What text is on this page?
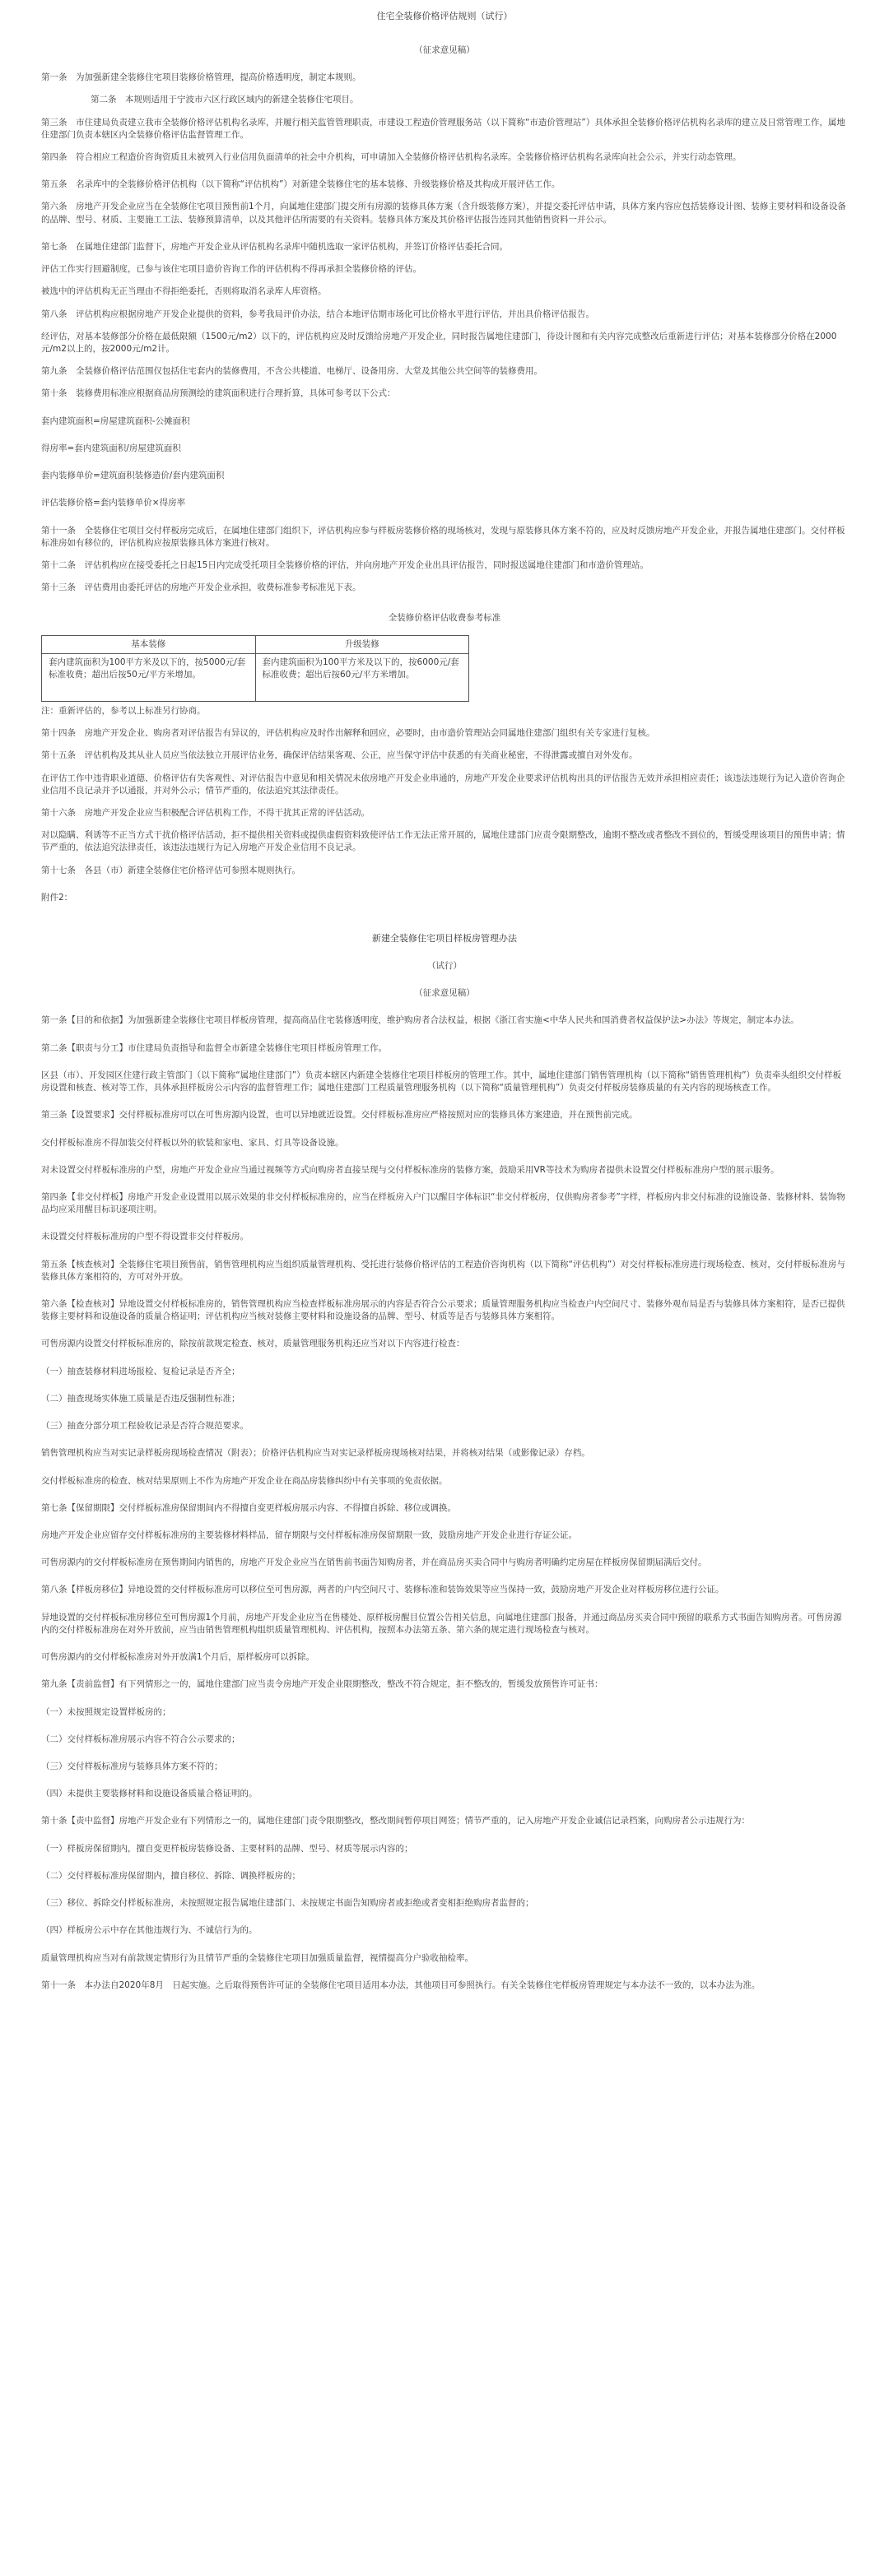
住宅全装修价格评估规则（试行）
（征求意见稿）

第一条　为加强新建全装修住宅项目装修价格管理，提高价格透明度，制定本规则。

第二条　本规则适用于宁波市六区行政区域内的新建全装修住宅项目。

第三条　市住建局负责建立我市全装修价格评估机构名录库，并履行相关监管管理职责，市建设工程造价管理服务站（以下简称“市造价管理站”）具体承担全装修价格评估机构名录库的建立及日常管理工作，属地住建部门负责本辖区内全装修价格评估监督管理工作。

第四条　符合相应工程造价咨询资质且未被列入行业信用负面清单的社会中介机构，可申请加入全装修价格评估机构名录库。全装修价格评估机构名录库向社会公示，并实行动态管理。

第五条　名录库中的全装修价格评估机构（以下简称“评估机构”）对新建全装修住宅的基本装修、升级装修价格及其构成开展评估工作。

第六条　房地产开发企业应当在全装修住宅项目预售前1个月，向属地住建部门提交所有房源的装修具体方案（含升级装修方案），并提交委托评估申请，具体方案内容应包括装修设计图、装修主要材料和设备设备的品牌、型号、材质、主要施工工法、装修预算清单，以及其他评估所需要的有关资料。装修具体方案及其价格评估报告连同其他销售资料一并公示。

第七条　在属地住建部门监督下，房地产开发企业从评估机构名录库中随机选取一家评估机构，并签订价格评估委托合同。

评估工作实行回避制度，已参与该住宅项目造价咨询工作的评估机构不得再承担全装修价格的评估。

被选中的评估机构无正当理由不得拒绝委托，否则将取消名录库人库资格。

第八条　评估机构应根据房地产开发企业提供的资料，参考我局评价办法，结合本地评估期市场化可比价格水平进行评估，并出具价格评估报告。

经评估，对基本装修部分价格在最低限额（1500元/m2）以下的，评估机构应及时反馈给房地产开发企业，同时报告属地住建部门，待设计图和有关内容完成整改后重新进行评估；对基本装修部分价格在2000元/m2以上的，按2000元/m2计。

第九条　全装修价格评估范围仅包括住宅套内的装修费用，不含公共楼道、电梯厅、设备用房、大堂及其他公共空间等的装修费用。

第十条　装修费用标准应根据商品房预测绘的建筑面积进行合理折算，具体可参考以下公式：

套内建筑面积=房屋建筑面积-公摊面积

得房率=套内建筑面积/房屋建筑面积

套内装修单价=建筑面积装修造价/套内建筑面积

评估装修价格=套内装修单价×得房率

第十一条　全装修住宅项目交付样板房完成后，在属地住建部门组织下，评估机构应参与样板房装修价格的现场核对，发现与原装修具体方案不符的，应及时反馈房地产开发企业，并报告属地住建部门。交付样板标准房如有移位的，评估机构应按原装修具体方案进行核对。

第十二条　评估机构应在接受委托之日起15日内完成受托项目全装修价格的评估，并向房地产开发企业出具评估报告，同时报送属地住建部门和市造价管理站。

第十三条　评估费用由委托评估的房地产开发企业承担，收费标准参考标准见下表。

全装修价格评估收费参考标准
基本装修	升级装修
套内建筑面积为100平方米及以下的，按5000元/套标准收费；超出后按50元/平方米增加。	套内建筑面积为100平方米及以下的，按6000元/套标准收费；超出后按60元/平方米增加。

注：重新评估的，参考以上标准另行协商。

第十四条　房地产开发企业、购房者对评估报告有异议的，评估机构应及时作出解释和回应，必要时，由市造价管理站会同属地住建部门组织有关专家进行复核。

第十五条　评估机构及其从业人员应当依法独立开展评估业务，确保评估结果客观、公正，应当保守评估中获悉的有关商业秘密，不得泄露或擅自对外发布。

在评估工作中违背职业道德、价格评估有失客观性、对评估报告中意见和相关情况未依房地产开发企业串通的，房地产开发企业要求评估机构出具的评估报告无效并承担相应责任；该违法违规行为记入造价咨询企业信用不良记录并予以通报，并对外公示；情节严重的，依法追究其法律责任。

第十六条　房地产开发企业应当积极配合评估机构工作，不得干扰其正常的评估活动。

对以隐瞒、利诱等不正当方式干扰价格评估活动，拒不提供相关资料或提供虚假资料致使评估工作无法正常开展的，属地住建部门应责令限期整改，逾期不整改或者整改不到位的，暂缓受理该项目的预售申请；情节严重的，依法追究法律责任，该违法违规行为记入房地产开发企业信用不良记录。

第十七条　各县（市）新建全装修住宅价格评估可参照本规则执行。

附件2：

新建全装修住宅项目样板房管理办法
（试行）
（征求意见稿）

第一条【目的和依据】为加强新建全装修住宅项目样板房管理，提高商品住宅装修透明度，维护购房者合法权益，根据《浙江省实施<中华人民共和国消费者权益保护法>办法》等规定，制定本办法。

第二条【职责与分工】市住建局负责指导和监督全市新建全装修住宅项目样板房管理工作。

区县（市）、开发园区住建行政主管部门（以下简称“属地住建部门”）负责本辖区内新建全装修住宅项目样板房的管理工作。其中，属地住建部门销售管理机构（以下简称“销售管理机构”）负责牵头组织交付样板房设置和核查、核对等工作，具体承担样板房公示内容的监督管理工作；属地住建部门工程质量管理服务机构（以下简称“质量管理机构”）负责交付样板房装修质量的有关内容的现场核查工作。

第三条【设置要求】交付样板标准房可以在可售房源内设置，也可以异地就近设置。交付样板标准房应严格按照对应的装修具体方案建造，并在预售前完成。

交付样板标准房不得加装交付样板以外的软装和家电、家具、灯具等设备设施。

对未设置交付样板标准房的户型，房地产开发企业应当通过视频等方式向购房者直接呈现与交付样板标准房的装修方案，鼓励采用VR等技术为购房者提供未设置交付样板标准房户型的展示服务。

第四条【非交付样板】房地产开发企业设置用以展示效果的非交付样板标准房的，应当在样板房入户门以醒目字体标识“非交付样板房，仅供购房者参考”字样，样板房内非交付标准的设施设备、装修材料、装饰物品均应采用醒目标识逐项注明。

未设置交付样板标准房的户型不得设置非交付样板房。

第五条【核查核对】全装修住宅项目预售前，销售管理机构应当组织质量管理机构、受托进行装修价格评估的工程造价咨询机构（以下简称“评估机构”）对交付样板标准房进行现场检查、核对，交付样板标准房与装修具体方案相符的，方可对外开放。

第六条【检查核对】异地设置交付样板标准房的，销售管理机构应当检查样板标准房展示的内容是否符合公示要求；质量管理服务机构应当检查户内空间尺寸、装修外观布局是否与装修具体方案相符，是否已提供装修主要材料和设施设备的质量合格证明；评估机构应当核对装修主要材料和设施设备的品牌、型号、材质等是否与装修具体方案相符。

可售房源内设置交付样板标准房的，除按前款规定检查、核对，质量管理服务机构还应当对以下内容进行检查：

（一）抽查装修材料进场报检、复检记录是否齐全；

（二）抽查现场实体施工质量是否违反强制性标准；

（三）抽查分部分项工程验收记录是否符合规范要求。

销售管理机构应当对实记录样板房现场检查情况（附表）；价格评估机构应当对实记录样板房现场核对结果，并将核对结果（或影像记录）存档。

交付样板标准房的检查、核对结果原则上不作为房地产开发企业在商品房装修纠纷中有关事项的免责依据。

第七条【保留期限】交付样板标准房保留期间内不得擅自变更样板房展示内容、不得擅自拆除、移位或调换。

房地产开发企业应留存交付样板标准房的主要装修材料样品，留存期限与交付样板标准房保留期限一致，鼓励房地产开发企业进行存证公证。

可售房源内的交付样板标准房在预售期间内销售的，房地产开发企业应当在销售前书面告知购房者，并在商品房买卖合同中与购房者明确约定房屋在样板房保留期届满后交付。

第八条【样板房移位】异地设置的交付样板标准房可以移位至可售房源，两者的户内空间尺寸、装修标准和装饰效果等应当保持一致，鼓励房地产开发企业对样板房移位进行公证。

异地设置的交付样板标准房移位至可售房源1个月前，房地产开发企业应当在售楼处、原样板房醒目位置公告相关信息，向属地住建部门报备，并通过商品房买卖合同中预留的联系方式书面告知购房者。可售房源内的交付样板标准房在对外开放前，应当由销售管理机构组织质量管理机构、评估机构，按照本办法第五条、第六条的规定进行现场检查与核对。

可售房源内的交付样板标准房对外开放满1个月后，原样板房可以拆除。

第九条【责前监督】有下列情形之一的，属地住建部门应当责令房地产开发企业限期整改，整改不符合规定，拒不整改的，暂缓发放预售许可证书：

（一）未按照规定设置样板房的；

（二）交付样板标准房展示内容不符合公示要求的；

（三）交付样板标准房与装修具体方案不符的；

（四）未提供主要装修材料和设施设备质量合格证明的。

第十条【责中监督】房地产开发企业有下列情形之一的，属地住建部门责令限期整改，整改期间暂停项目网签；情节严重的，记入房地产开发企业诚信记录档案，向购房者公示违规行为：

（一）样板房保留期内，擅自变更样板房装修设备、主要材料的品牌、型号、材质等展示内容的；

（二）交付样板标准房保留期内，擅自移位、拆除、调换样板房的；

（三）移位、拆除交付样板标准房，未按照规定报告属地住建部门、未按规定书面告知购房者或拒绝或者变相拒绝购房者监督的；

（四）样板房公示中存在其他违规行为、不诚信行为的。

质量管理机构应当对有前款规定情形行为且情节严重的全装修住宅项目加强质量监督，视情提高分户验收抽检率。

第十一条　本办法自2020年8月　日起实施。之后取得预售许可证的全装修住宅项目适用本办法，其他项目可参照执行。有关全装修住宅样板房管理规定与本办法不一致的，以本办法为准。
